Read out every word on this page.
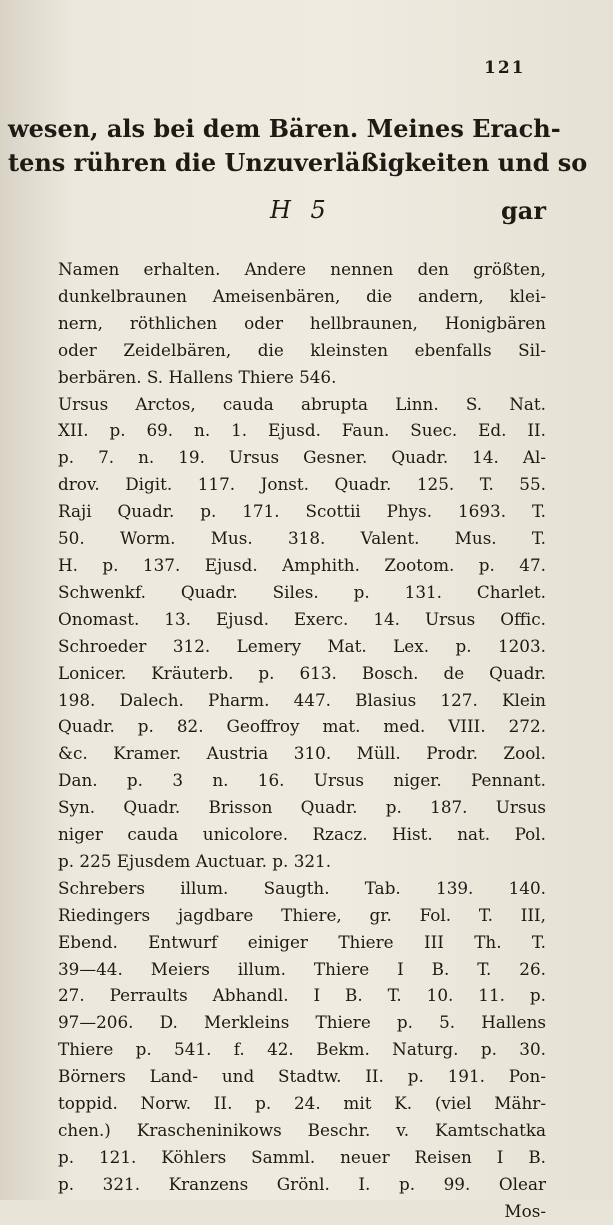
121
wesen, als bei dem Bären. Meines Erach-
tens rühren die Unzuverläßigkeiten und so
H 5	gar
Namen erhalten. Andere nennen den größten,
dunkelbraunen Ameisenbären, die andern, klei-
nern, röthlichen oder hellbraunen, Honigbären
oder Zeidelbären, die kleinsten ebenfalls Sil-
berbären. S. Hallens Thiere 546.
Ursus Arctos, cauda abrupta Linn. S. Nat.
XII. p. 69. n. 1. Ejusd. Faun. Suec. Ed. II.
p. 7. n. 19. Ursus Gesner. Quadr. 14. Al-
drov. Digit. 117. Jonst. Quadr. 125. T. 55.
Raji Quadr. p. 171. Scottii Phys. 1693. T.
50. Worm. Mus. 318. Valent. Mus. T.
H. p. 137. Ejusd. Amphith. Zootom. p. 47.
Schwenkf. Quadr. Siles. p. 131. Charlet.
Onomast. 13. Ejusd. Exerc. 14. Ursus Offic.
Schroeder 312. Lemery Mat. Lex. p. 1203.
Lonicer. Kräuterb. p. 613. Bosch. de Quadr.
198. Dalech. Pharm. 447. Blasius 127. Klein
Quadr. p. 82. Geoffroy mat. med. VIII. 272.
&c. Kramer. Austria 310. Müll. Prodr. Zool.
Dan. p. 3 n. 16. Ursus niger. Pennant.
Syn. Quadr. Brisson Quadr. p. 187. Ursus
niger cauda unicolore. Rzacz. Hist. nat. Pol.
p. 225 Ejusdem Auctuar. p. 321.
Schrebers illum. Saugth. Tab. 139. 140.
Riedingers jagdbare Thiere, gr. Fol. T. III,
Ebend. Entwurf einiger Thiere III Th. T.
39—44. Meiers illum. Thiere I B. T. 26.
27. Perraults Abhandl. I B. T. 10. 11. p.
97—206. D. Merkleins Thiere p. 5. Hallens
Thiere p. 541. f. 42. Bekm. Naturg. p. 30.
Börners Land- und Stadtw. II. p. 191. Pon-
toppid. Norw. II. p. 24. mit K. (viel Mähr-
chen.) Krascheninikows Beschr. v. Kamtschatka
p. 121. Köhlers Samml. neuer Reisen I B.
p. 321. Kranzens Grönl. I. p. 99. Olear
Mos-
